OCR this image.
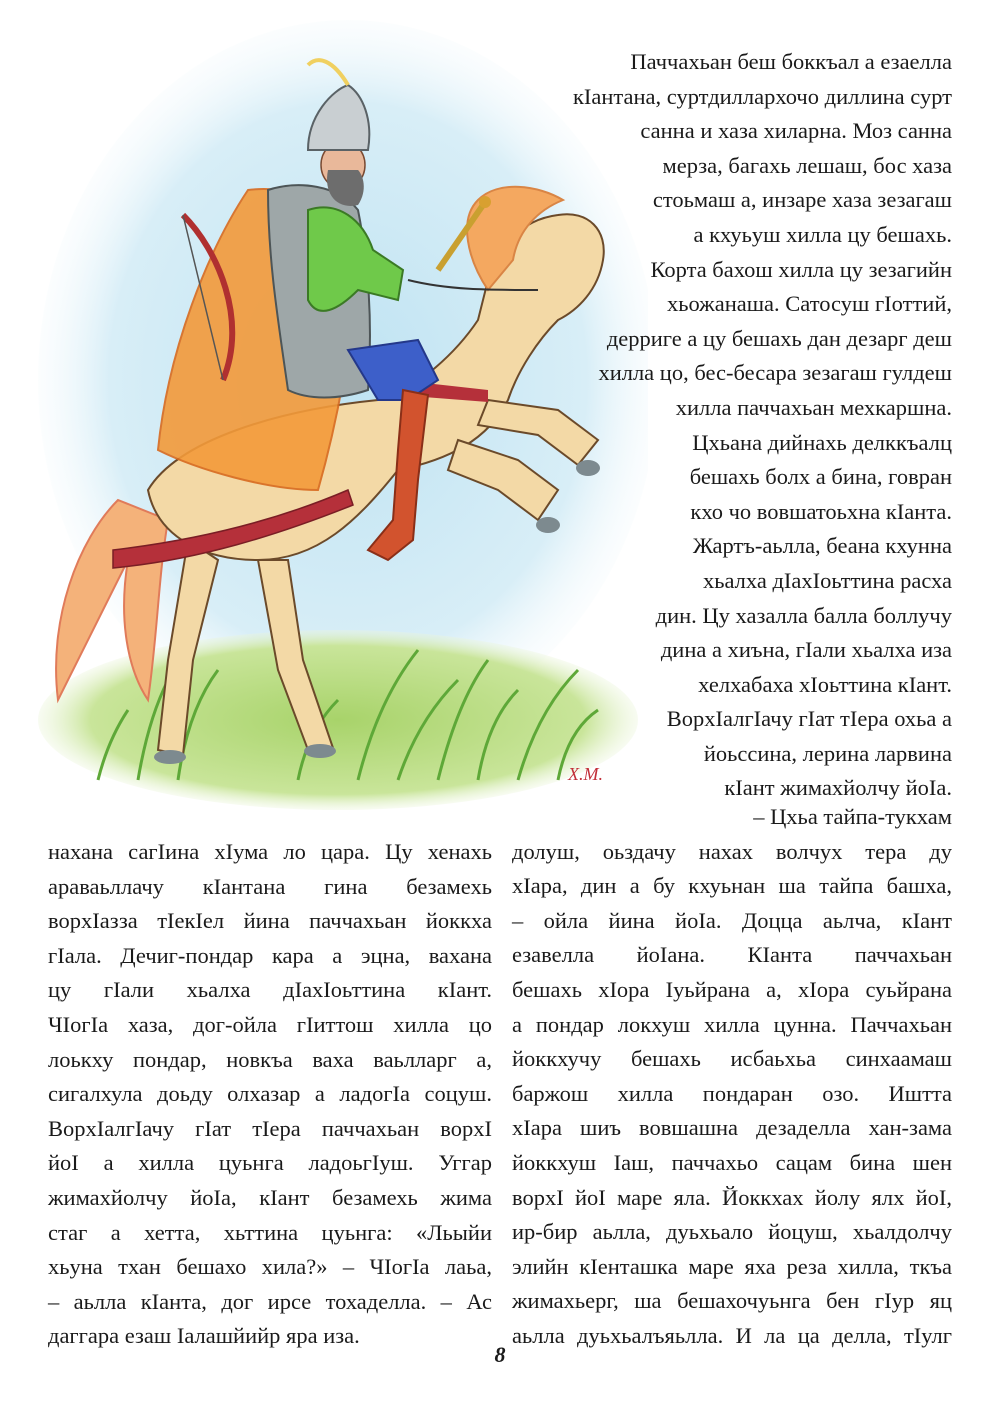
Х.М.
Паччахьан беш боккъал а езаелла
кIантана, суртдиллархочо диллина сурт
санна и хаза хиларна. Моз санна
мерза, багахь лешаш, бос хаза
стоьмаш а, инзаре хаза зезагаш
а кхуьуш хилла цу бешахь.
Корта бахош хилла цу зезагийн
хьожанаша. Сатосуш гIоттий,
дерриге а цу бешахь дан дезарг деш
хилла цо, бес-бесара зезагаш гулдеш
хилла паччахьан мехкаршна.
Цхьана дийнахь делккъалц
бешахь болх а бина, говран
кхо чо вовшатоьхна кIанта.
Жартъ-аьлла, беана кхунна
хьалха дIахIоьттина расха
дин. Цу хазалла балла боллучу
дина а хиъна, гIали хьалха иза
хелхабаха хIоьттина кIант.
ВорхIалгIачу гIат тIера охьа а
йоьссина, лерина ларвина
кIант жимахйолчу йоIа.
нахана сагIина хIума ло цара. Цу хенахь
араваьллачу кIантана гина безамехь
ворхIазза тIекIел йина паччахьан йоккха
гIала. Дечиг-пондар кара а эцна, вахана
цу гIали хьалха дIахIоьттина кIант.
ЧIогIа хаза, дог-ойла гIиттош хилла цо
лоькху пондар, новкъа ваха ваьлларг а,
сигалхула доьду олхазар а ладогIа соцуш.
ВорхIалгIачу гIат тIера паччахьан ворхI
йоI а хилла цуьнга ладоьгIуш. Уггар
жимахйолчу йоIа, кIант безамехь жима
стаг а хетта, хьттина цуьнга: «Льыйи
хьуна тхан бешахо хила?» – ЧIогIа лаьа,
– аьлла кIанта, дог ирсе тохаделла. – Ас
даггара езаш Iалашйийр яра иза.
– Цхьа тайпа-тукхам
долуш, оьздачу нахах волчух тера ду
хIара, дин а бу кхуьнан ша тайпа башха,
– ойла йина йоIа. Доцца аьлча, кIант
езавелла йоIана. КIанта паччахьан
бешахь хIора Iуьйрана а, хIора суьйрана
а пондар локхуш хилла цунна. Паччахьан
йоккхучу бешахь исбаьхьа синхаамаш
баржош хилла пондаран озо. Иштта
хIара шиъ вовшашна дезаделла хан-зама
йоккхуш Iаш, паччахьо сацам бина шен
ворхI йоI маре яла. Йоккхах йолу ялх йоI,
ир-бир аьлла, дуьхьало йоцуш, хьалдолчу
элийн кIенташка маре яха реза хилла, ткъа
жимахьерг, ша бешахочуьнга бен гIур яц
аьлла дуьхьалъяьлла. И ла ца делла, тIулг
8
